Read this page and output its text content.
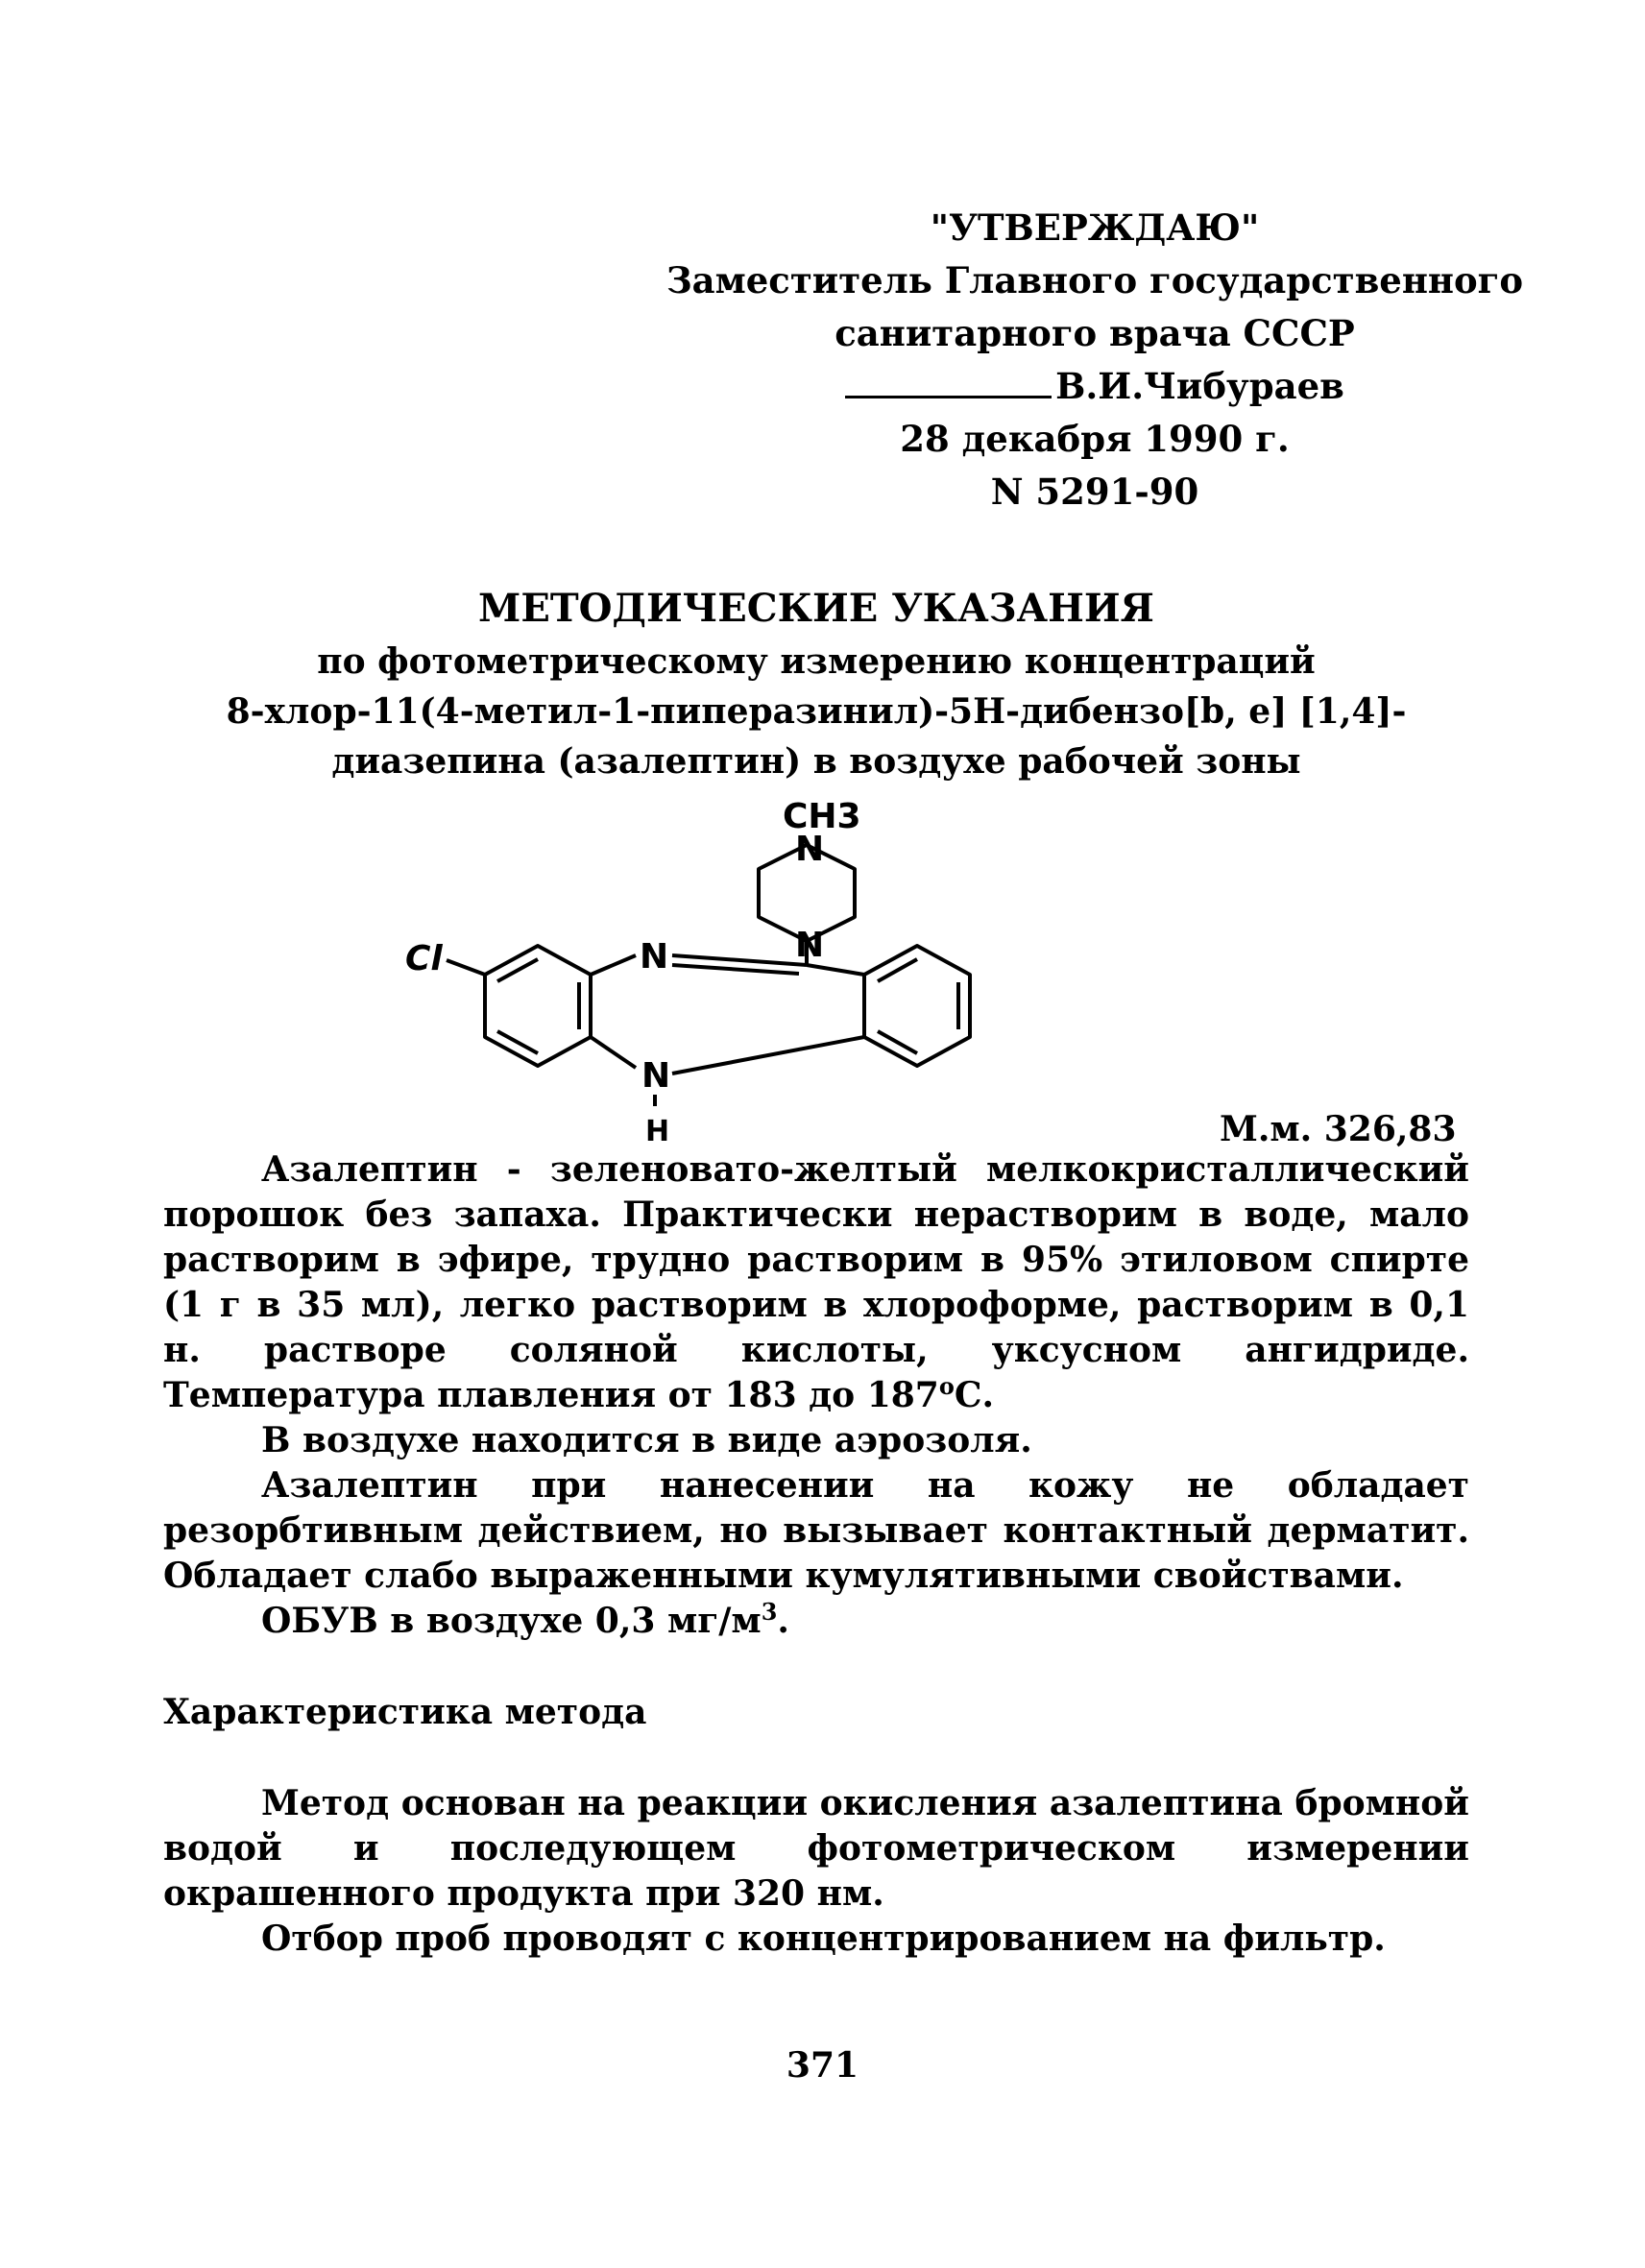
"УТВЕРЖДАЮ"
Заместитель Главного государственного
санитарного врача СССР
В.И.Чибураев
28 декабря 1990 г.
N 5291-90

МЕТОДИЧЕСКИЕ УКАЗАНИЯ

по фотометрическому измерению концентраций

8-хлор-11(4-метил-1-пиперазинил)-5Н-дибензо[b, e] [1,4]-

диазепина (азалептин) в воздухе рабочей зоны

CH3
N
N
N
Cl
N
H	М.м. 326,83

Азалептин - зеленовато-желтый мелкокристаллический порошок без запаха. Практически нерастворим в воде, мало растворим в эфире, трудно растворим в 95% этиловом спирте (1 г в 35 мл), легко растворим в хлороформе, растворим в 0,1 н. растворе соляной кислоты, уксусном ангидриде. Температура плавления от 183 до $187^оС$.

В воздухе находится в виде аэрозоля.

Азалептин при нанесении на кожу не обладает резорбтивным действием, но вызывает контактный дерматит. Обладает слабо выраженными кумулятивными свойствами.

ОБУВ в воздухе 0,3 $мг/м^3$.

Характеристика метода

Метод основан на реакции окисления азалептина бромной водой и последующем фотометрическом измерении окрашенного продукта при 320 нм.

Отбор проб проводят с концентрированием на фильтр.

371
